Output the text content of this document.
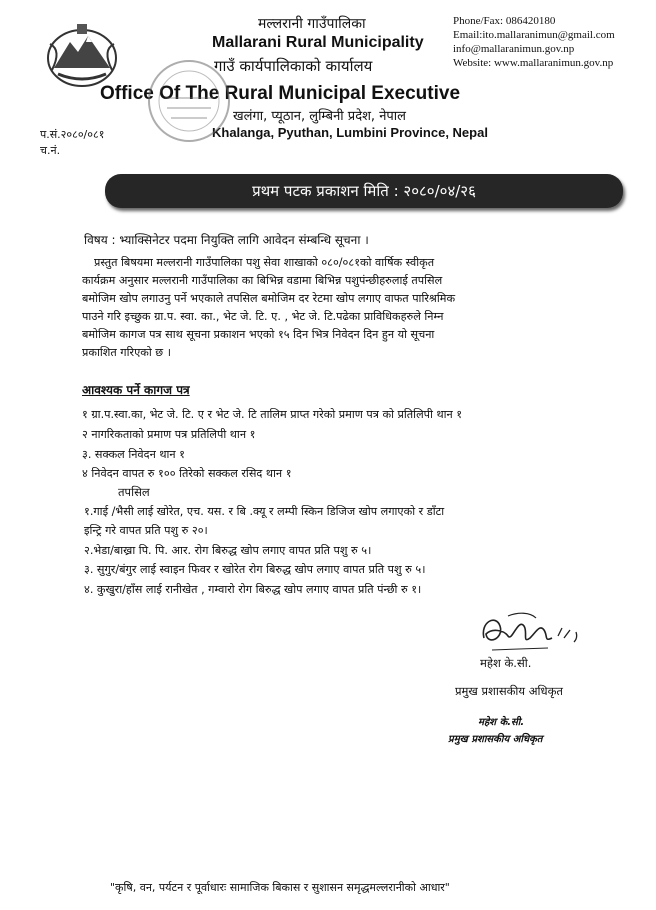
मल्लरानी गाउँपालिका
Mallarani Rural Municipality
गाउँ कार्यपालिकाको कार्यालय
Office Of The Rural Municipal Executive
खलंगा, प्यूठान, लुम्बिनी प्रदेश, नेपाल
Khalanga, Pyuthan, Lumbini Province, Nepal
Phone/Fax: 086420180
Email:ito.mallaranimun@gmail.com
info@mallaranimun.gov.np
Website: www.mallaranimun.gov.np
प.सं.२०८०/०८१
च.नं.
प्रथम पटक प्रकाशन मिति : २०८०/०४/२६
विषय : भ्याक्सिनेटर पदमा नियुक्ति लागि आवेदन संम्बन्धि सूचना ।
प्रस्तुत बिषयमा मल्लरानी गाउँपालिका पशु सेवा शाखाको ०८०/०८१को वार्षिक स्वीकृत
कार्यक्रम अनुसार मल्लरानी गाउँपालिका का बिभिन्न वडामा बिभिन्न पशुपंन्छीहरुलाई तपसिल
बमोजिम खोप लगाउनु पर्ने भएकाले तपसिल बमोजिम दर रेटमा खोप लगाए वाफत पारिश्रमिक
पाउने गरि इच्छुक ग्रा.प. स्वा. का., भेट जे. टि. ए. , भेट जे. टि.पढेका प्राविधिकहरुले निम्न
बमोजिम कागज पत्र साथ सूचना प्रकाशन भएको १५ दिन भित्र निवेदन दिन हुन यो सूचना
प्रकाशित गरिएको छ ।
आवश्यक पर्ने कागज पत्र
१ ग्रा.प.स्वा.का, भेट जे. टि. ए र भेट जे. टि तालिम प्राप्त गरेको प्रमाण पत्र को प्रतिलिपी थान १
२ नागरिकताको प्रमाण पत्र प्रतिलिपी थान १
३. सक्कल निवेदन थान १
४ निवेदन वापत रु १०० तिरेको सक्कल रसिद थान १
तपसिल
१.गाई /भैसी लाई खोरेत, एच. यस. र बि .क्यू र लम्पी स्किन डिजिज खोप लगाएको र डाँटा
इन्ट्रि गरे वापत प्रति पशु रु २०।
२.भेडा/बाख्रा पि. पि. आर. रोग बिरुद्ध खोप लगाए वापत प्रति पशु रु ५।
३. सुगुर/बंगुर लाई स्वाइन फिवर र खोरेत रोग बिरुद्ध खोप लगाए वापत प्रति पशु रु ५।
४. कुखुरा/हाँस लाई रानीखेत , गम्वारो रोग बिरुद्ध खोप लगाए वापत प्रति पंन्छी रु १।
महेश के.सी.
प्रमुख प्रशासकीय अधिकृत
महेश के.सी.
प्रमुख प्रशासकीय अधिकृत
"कृषि, वन, पर्यटन र पूर्वाधारः सामाजिक बिकास र सुशासन समृद्धमल्लरानीको आधार"
